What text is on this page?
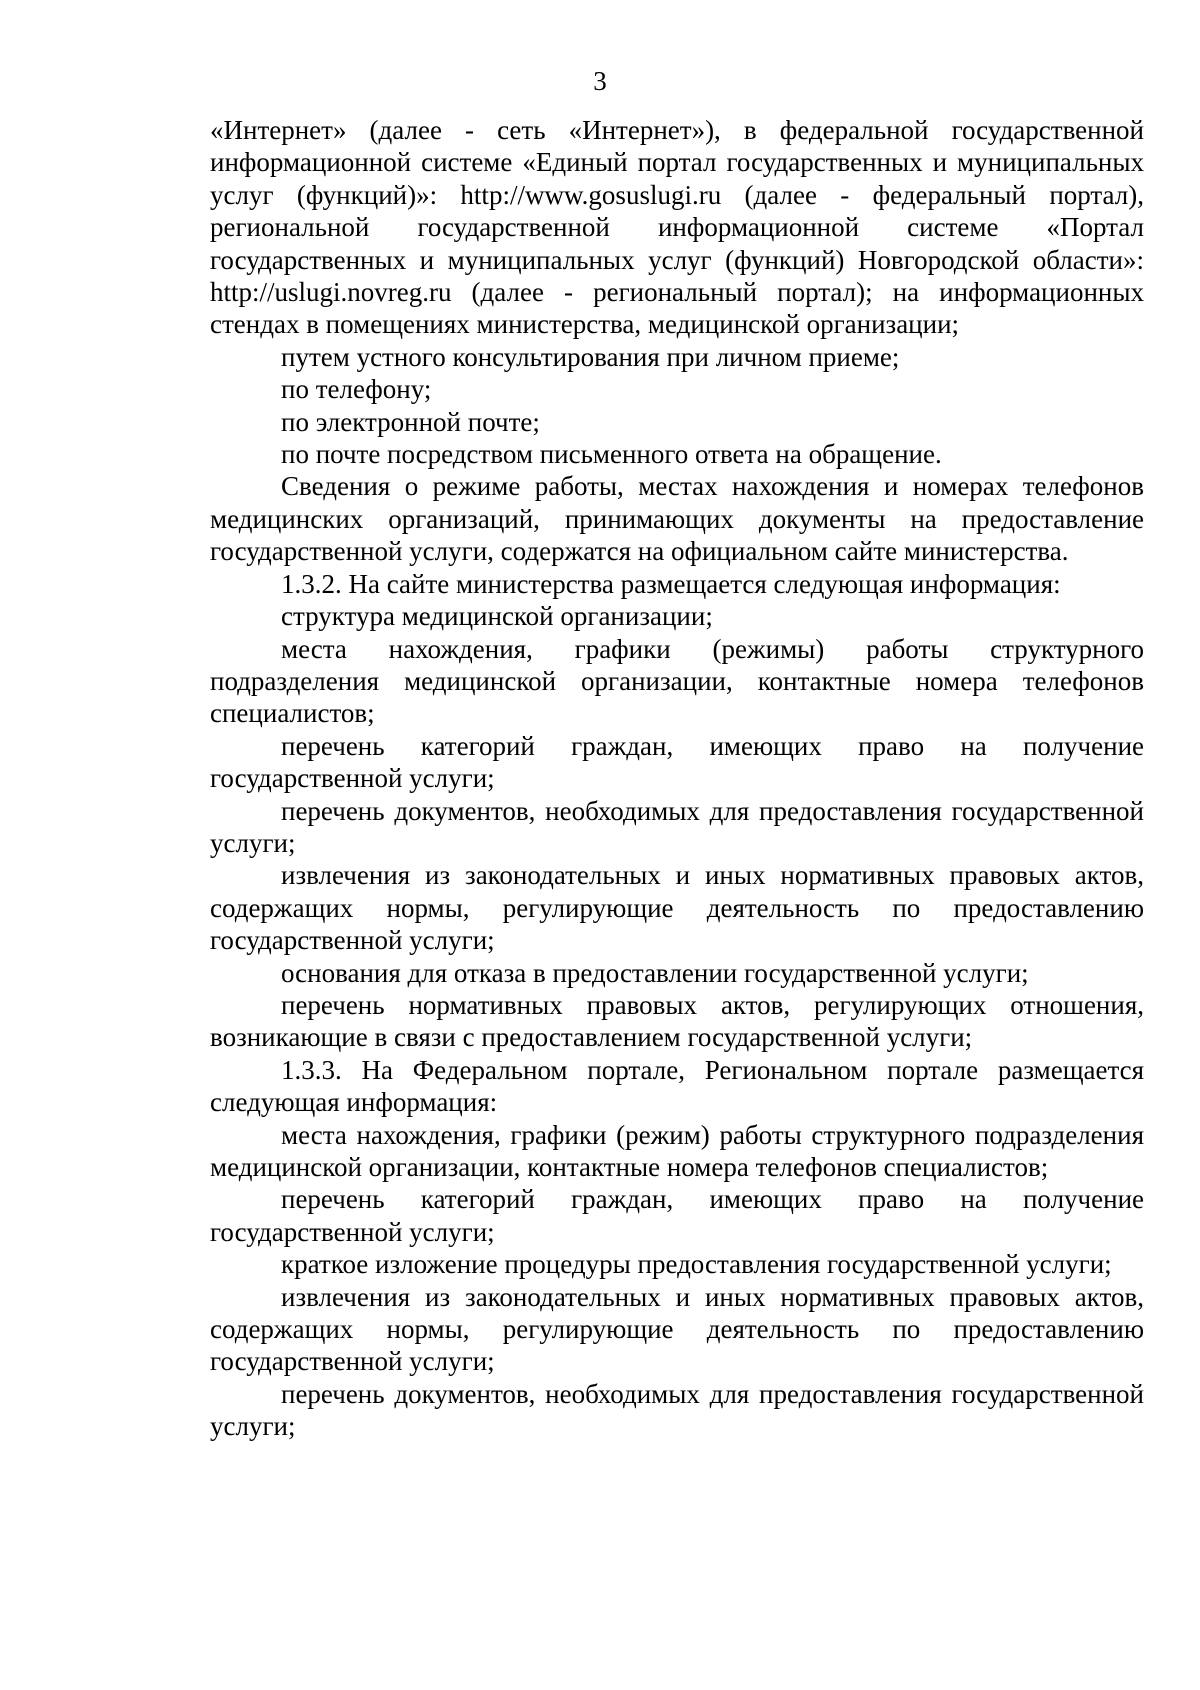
3

«Интернет» (далее - сеть «Интернет»), в федеральной государственной информационной системе «Единый портал государственных и муниципальных услуг (функций)»: http://www.gosuslugi.ru (далее - федеральный портал), региональной государственной информационной системе «Портал государственных и муниципальных услуг (функций) Новгородской области»: http://uslugi.novreg.ru (далее - региональный портал); на информационных стендах в помещениях министерства, медицинской организации;

путем устного консультирования при личном приеме;

по телефону;

по электронной почте;

по почте посредством письменного ответа на обращение.

Сведения о режиме работы, местах нахождения и номерах телефонов медицинских организаций, принимающих документы на предоставление государственной услуги, содержатся на официальном сайте министерства.

1.3.2. На сайте министерства размещается следующая информация:

структура медицинской организации;

места нахождения, графики (режимы) работы структурного подразделения медицинской организации, контактные номера телефонов специалистов;

перечень категорий граждан, имеющих право на получение государственной услуги;

перечень документов, необходимых для предоставления государственной услуги;

извлечения из законодательных и иных нормативных правовых актов, содержащих нормы, регулирующие деятельность по предоставлению государственной услуги;

основания для отказа в предоставлении государственной услуги;

перечень нормативных правовых актов, регулирующих отношения, возникающие в связи с предоставлением государственной услуги;

1.3.3. На Федеральном портале, Региональном портале размещается следующая информация:

места нахождения, графики (режим) работы структурного подразделения медицинской организации, контактные номера телефонов специалистов;

перечень категорий граждан, имеющих право на получение государственной услуги;

краткое изложение процедуры предоставления государственной услуги;

извлечения из законодательных и иных нормативных правовых актов, содержащих нормы, регулирующие деятельность по предоставлению государственной услуги;

перечень документов, необходимых для предоставления государственной услуги;
